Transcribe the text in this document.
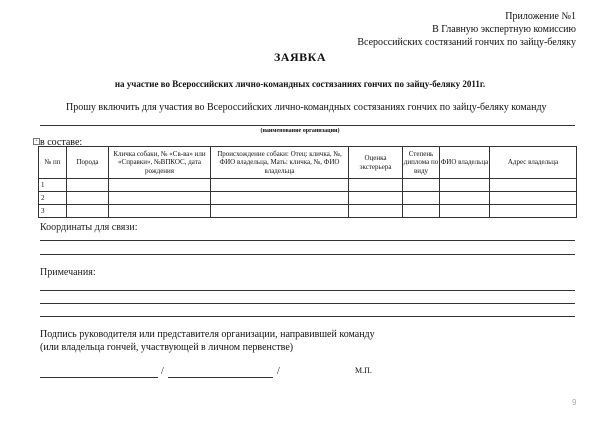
Приложение №1
В Главную экспертную комиссию
Всероссийских состязаний гончих по зайцу-беляку
ЗАЯВКА
на участие во Всероссийских лично-командных состязаниях гончих по зайцу-беляку 2011г.
Прошу включить для участия во Всероссийских лично-командных состязаниях гончих по зайцу-беляку команду
(наименование организации)
+ в составе:
№ пп	Порода	Кличка собаки, № «Св-ва» или «Справки», №ВПКОС, дата рождения	Происхождение собаки: Отец: кличка, №, ФИО владельца, Мать: кличка, №, ФИО владельца	Оценка экстерьера	Степень диплома по виду	ФИО владельца	Адрес владельца
1							
2							
3							
Координаты для связи:
Примечания:
Подпись руководителя или представителя организации, направившей команду
(или владельца гончей, участвующей в личном первенстве)
/	/	М.П.
9
